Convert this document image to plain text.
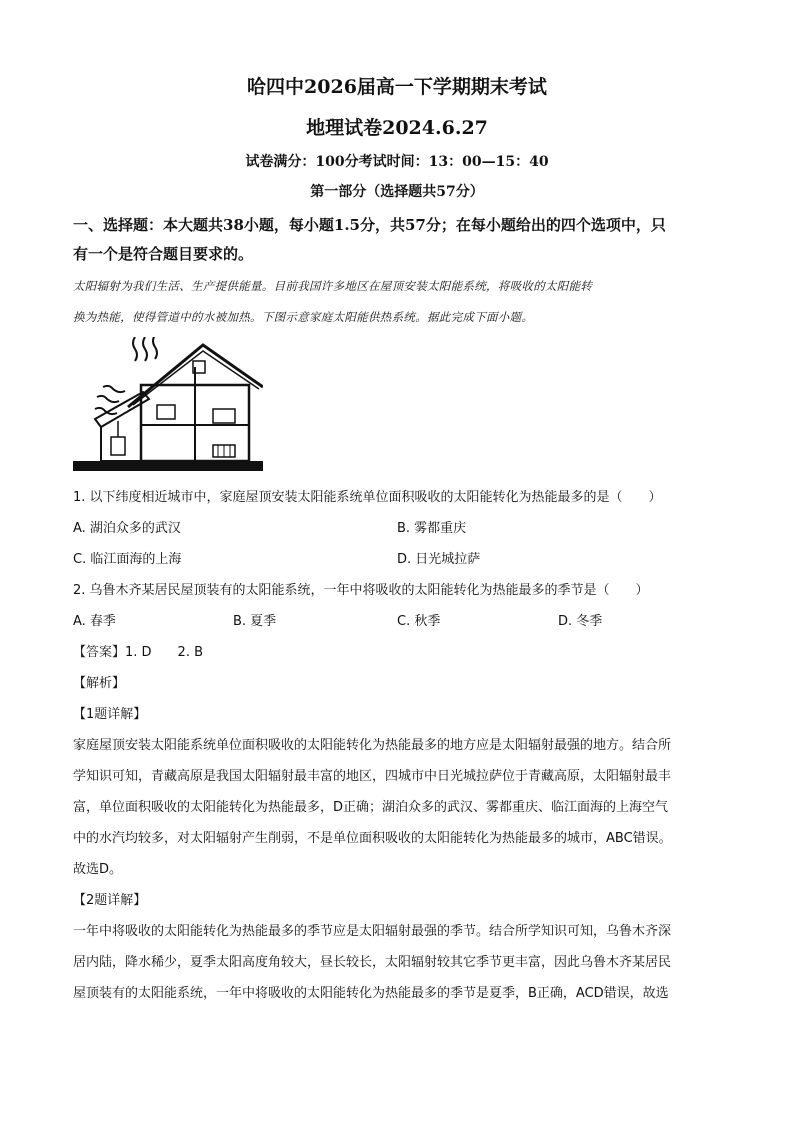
哈四中2026届高一下学期期末考试
地理试卷2024.6.27
试卷满分：100分考试时间：13：00—15：40
第一部分（选择题共57分）
一、选择题：本大题共38小题，每小题1.5分，共57分；在每小题给出的四个选项中，只
有一个是符合题目要求的。
太阳辐射为我们生活、生产提供能量。目前我国许多地区在屋顶安装太阳能系统，将吸收的太阳能转
换为热能，使得管道中的水被加热。下图示意家庭太阳能供热系统。据此完成下面小题。
1. 以下纬度相近城市中，家庭屋顶安装太阳能系统单位面积吸收的太阳能转化为热能最多的是（　　）
A. 湖泊众多的武汉	B. 雾都重庆
C. 临江面海的上海	D. 日光城拉萨
2. 乌鲁木齐某居民屋顶装有的太阳能系统，一年中将吸收的太阳能转化为热能最多的季节是（　　）
A. 春季	B. 夏季	C. 秋季	D. 冬季
【答案】1. D　　2. B
【解析】
【1题详解】
家庭屋顶安装太阳能系统单位面积吸收的太阳能转化为热能最多的地方应是太阳辐射最强的地方。结合所
学知识可知，青藏高原是我国太阳辐射最丰富的地区，四城市中日光城拉萨位于青藏高原，太阳辐射最丰
富，单位面积吸收的太阳能转化为热能最多，D正确；湖泊众多的武汉、雾都重庆、临江面海的上海空气
中的水汽均较多，对太阳辐射产生削弱，不是单位面积吸收的太阳能转化为热能最多的城市，ABC错误。
故选D。
【2题详解】
一年中将吸收的太阳能转化为热能最多的季节应是太阳辐射最强的季节。结合所学知识可知，乌鲁木齐深
居内陆，降水稀少，夏季太阳高度角较大，昼长较长，太阳辐射较其它季节更丰富，因此乌鲁木齐某居民
屋顶装有的太阳能系统，一年中将吸收的太阳能转化为热能最多的季节是夏季，B正确，ACD错误，故选
